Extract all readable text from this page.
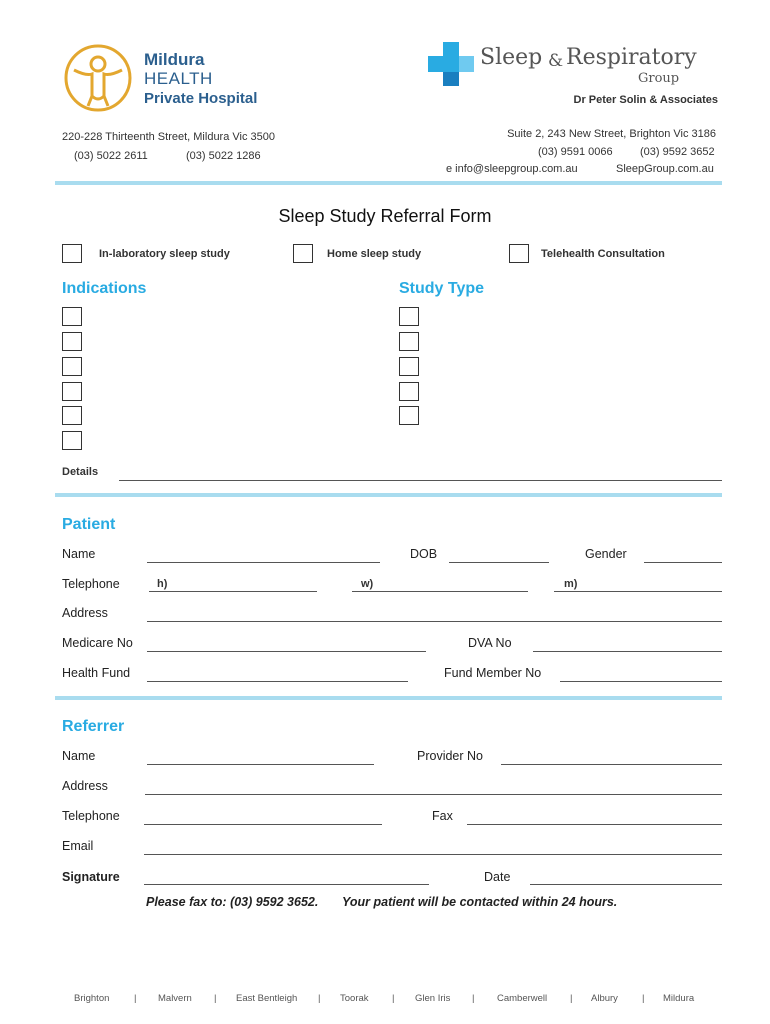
Mildura
HEALTH
Private Hospital
Sleep & Respiratory
Group
Dr Peter Solin & Associates
220-228 Thirteenth Street, Mildura Vic 3500
(03) 5022 2611	(03) 5022 1286
Suite 2, 243 New Street, Brighton Vic 3186
(03) 9591 0066 (03) 9592 3652
e info@sleepgroup.com.au	SleepGroup.com.au
Sleep Study Referral Form
In-laboratory sleep study	Home sleep study	Telehealth Consultation
Indications	Study Type
Details
Patient
Name	DOB	Gender
Telephone	h)	w)	m)
Address
Medicare No	DVA No
Health Fund	Fund Member No
Referrer
Name	Provider No
Address
Telephone	Fax
Email
Signature	Date
Please fax to: (03) 9592 3652. Your patient will be contacted within 24 hours.
Brighton	| Malvern | East Bentleigh | Toorak | Glen Iris | Camberwell | Albury	| Mildura
